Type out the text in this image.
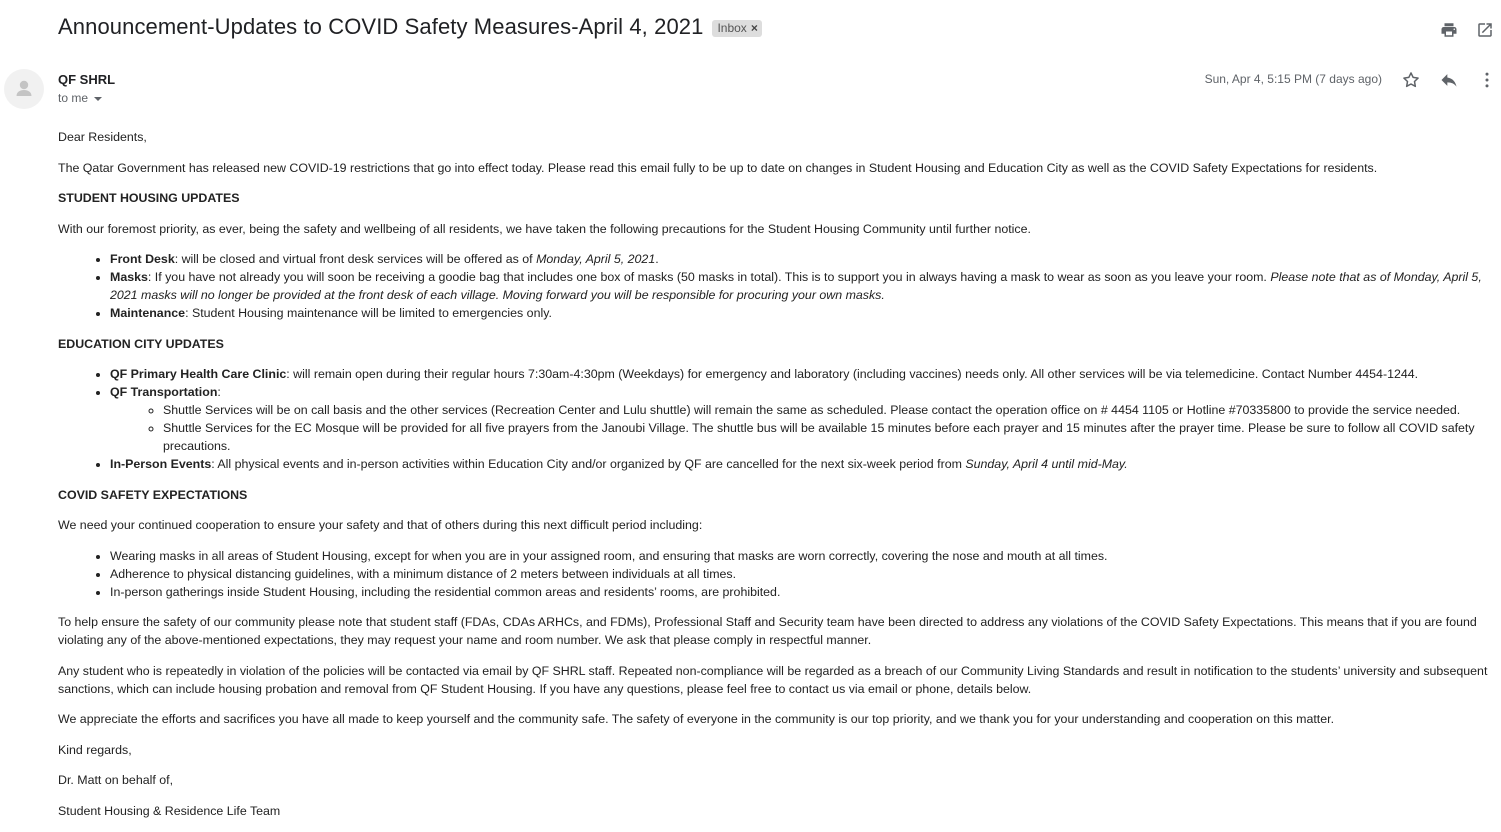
Announcement-Updates to COVID Safety Measures-April 4, 2021 Inbox ×
QF SHRL
to me
Sun, Apr 4, 5:15 PM (7 days ago)

Dear Residents,

The Qatar Government has released new COVID-19 restrictions that go into effect today. Please read this email fully to be up to date on changes in Student Housing and Education City as well as the COVID Safety Expectations for residents.

STUDENT HOUSING UPDATES

With our foremost priority, as ever, being the safety and wellbeing of all residents, we have taken the following precautions for the Student Housing Community until further notice.

• Front Desk: will be closed and virtual front desk services will be offered as of Monday, April 5, 2021.
• Masks: If you have not already you will soon be receiving a goodie bag that includes one box of masks (50 masks in total). This is to support you in always having a mask to wear as soon as you leave your room. Please note that as of Monday, April 5, 2021 masks will no longer be provided at the front desk of each village. Moving forward you will be responsible for procuring your own masks.
• Maintenance: Student Housing maintenance will be limited to emergencies only.
EDUCATION CITY UPDATES
• QF Primary Health Care Clinic: will remain open during their regular hours 7:30am-4:30pm (Weekdays) for emergency and laboratory (including vaccines) needs only. All other services will be via telemedicine. Contact Number 4454-1244.
• QF Transportation:
◦ Shuttle Services will be on call basis and the other services (Recreation Center and Lulu shuttle) will remain the same as scheduled. Please contact the operation office on # 4454 1105 or Hotline #70335800 to provide the service needed.
◦ Shuttle Services for the EC Mosque will be provided for all five prayers from the Janoubi Village. The shuttle bus will be available 15 minutes before each prayer and 15 minutes after the prayer time. Please be sure to follow all COVID safety precautions.
• In-Person Events: All physical events and in-person activities within Education City and/or organized by QF are cancelled for the next six-week period from Sunday, April 4 until mid-May.
COVID SAFETY EXPECTATIONS

We need your continued cooperation to ensure your safety and that of others during this next difficult period including:

• Wearing masks in all areas of Student Housing, except for when you are in your assigned room, and ensuring that masks are worn correctly, covering the nose and mouth at all times.
• Adherence to physical distancing guidelines, with a minimum distance of 2 meters between individuals at all times.
• In-person gatherings inside Student Housing, including the residential common areas and residents’ rooms, are prohibited.

To help ensure the safety of our community please note that student staff (FDAs, CDAs ARHCs, and FDMs), Professional Staff and Security team have been directed to address any violations of the COVID Safety Expectations. This means that if you are found violating any of the above-mentioned expectations, they may request your name and room number. We ask that please comply in respectful manner.

Any student who is repeatedly in violation of the policies will be contacted via email by QF SHRL staff. Repeated non-compliance will be regarded as a breach of our Community Living Standards and result in notification to the students’ university and subsequent sanctions, which can include housing probation and removal from QF Student Housing. If you have any questions, please feel free to contact us via email or phone, details below.

We appreciate the efforts and sacrifices you have all made to keep yourself and the community safe. The safety of everyone in the community is our top priority, and we thank you for your understanding and cooperation on this matter.

Kind regards,

Dr. Matt on behalf of,

Student Housing & Residence Life Team
